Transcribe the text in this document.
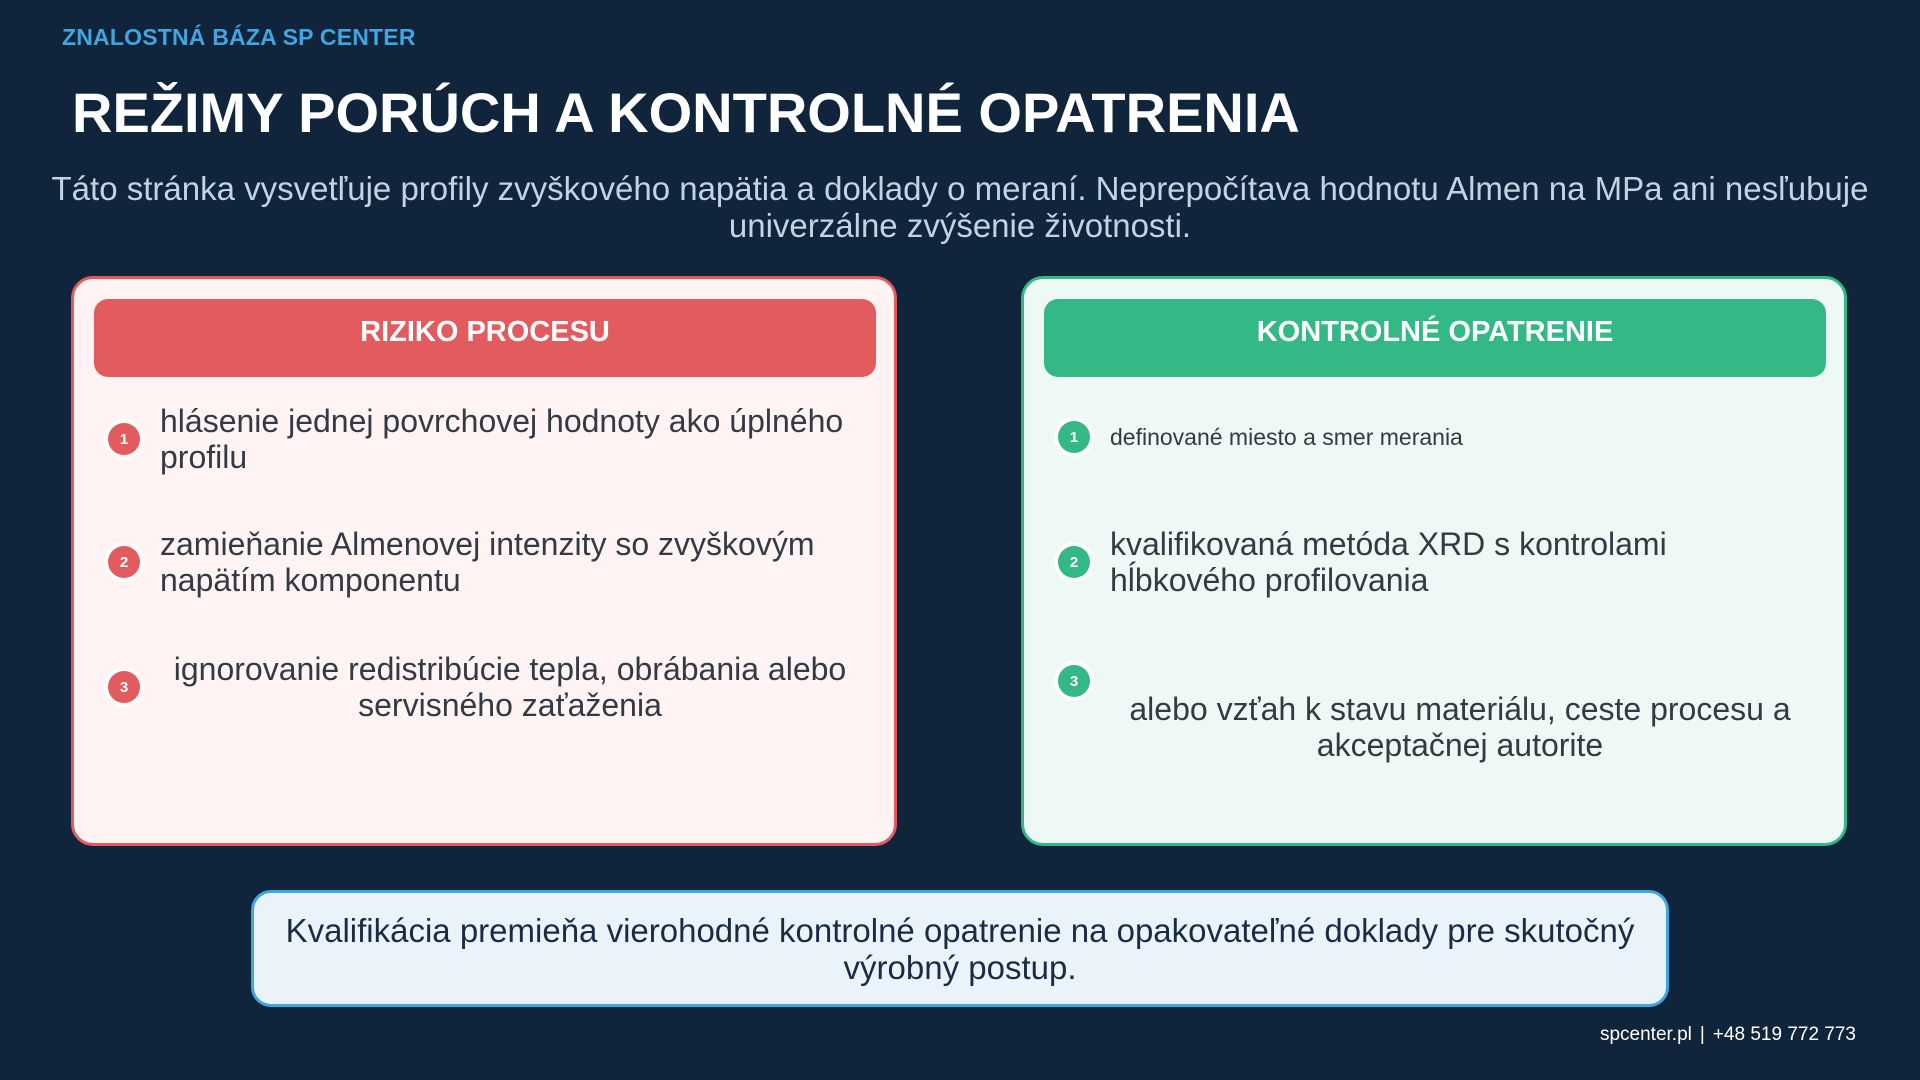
ZNALOSTNÁ BÁZA SP CENTER
REŽIMY PORÚCH A KONTROLNÉ OPATRENIA
Táto stránka vysvetľuje profily zvyškového napätia a doklady o meraní. Neprepočítava hodnotu Almen na MPa ani nesľubuje univerzálne zvýšenie životnosti.
RIZIKO PROCESU
1 hlásenie jednej povrchovej hodnoty ako úplného profilu
2 zamieňanie Almenovej intenzity so zvyškovým napätím komponentu
3	ignorovanie redistribúcie tepla, obrábania alebo servisného zaťaženia
KONTROLNÉ OPATRENIE
1	definované miesto a smer merania
2 kvalifikovaná metóda XRD s kontrolami hĺbkového profilovania
3
alebo vzťah k stavu materiálu, ceste procesu a akceptačnej autorite
Kvalifikácia premieňa vierohodné kontrolné opatrenie na opakovateľné doklady pre skutočný výrobný postup.
spcenter.pl | +48 519 772 773
